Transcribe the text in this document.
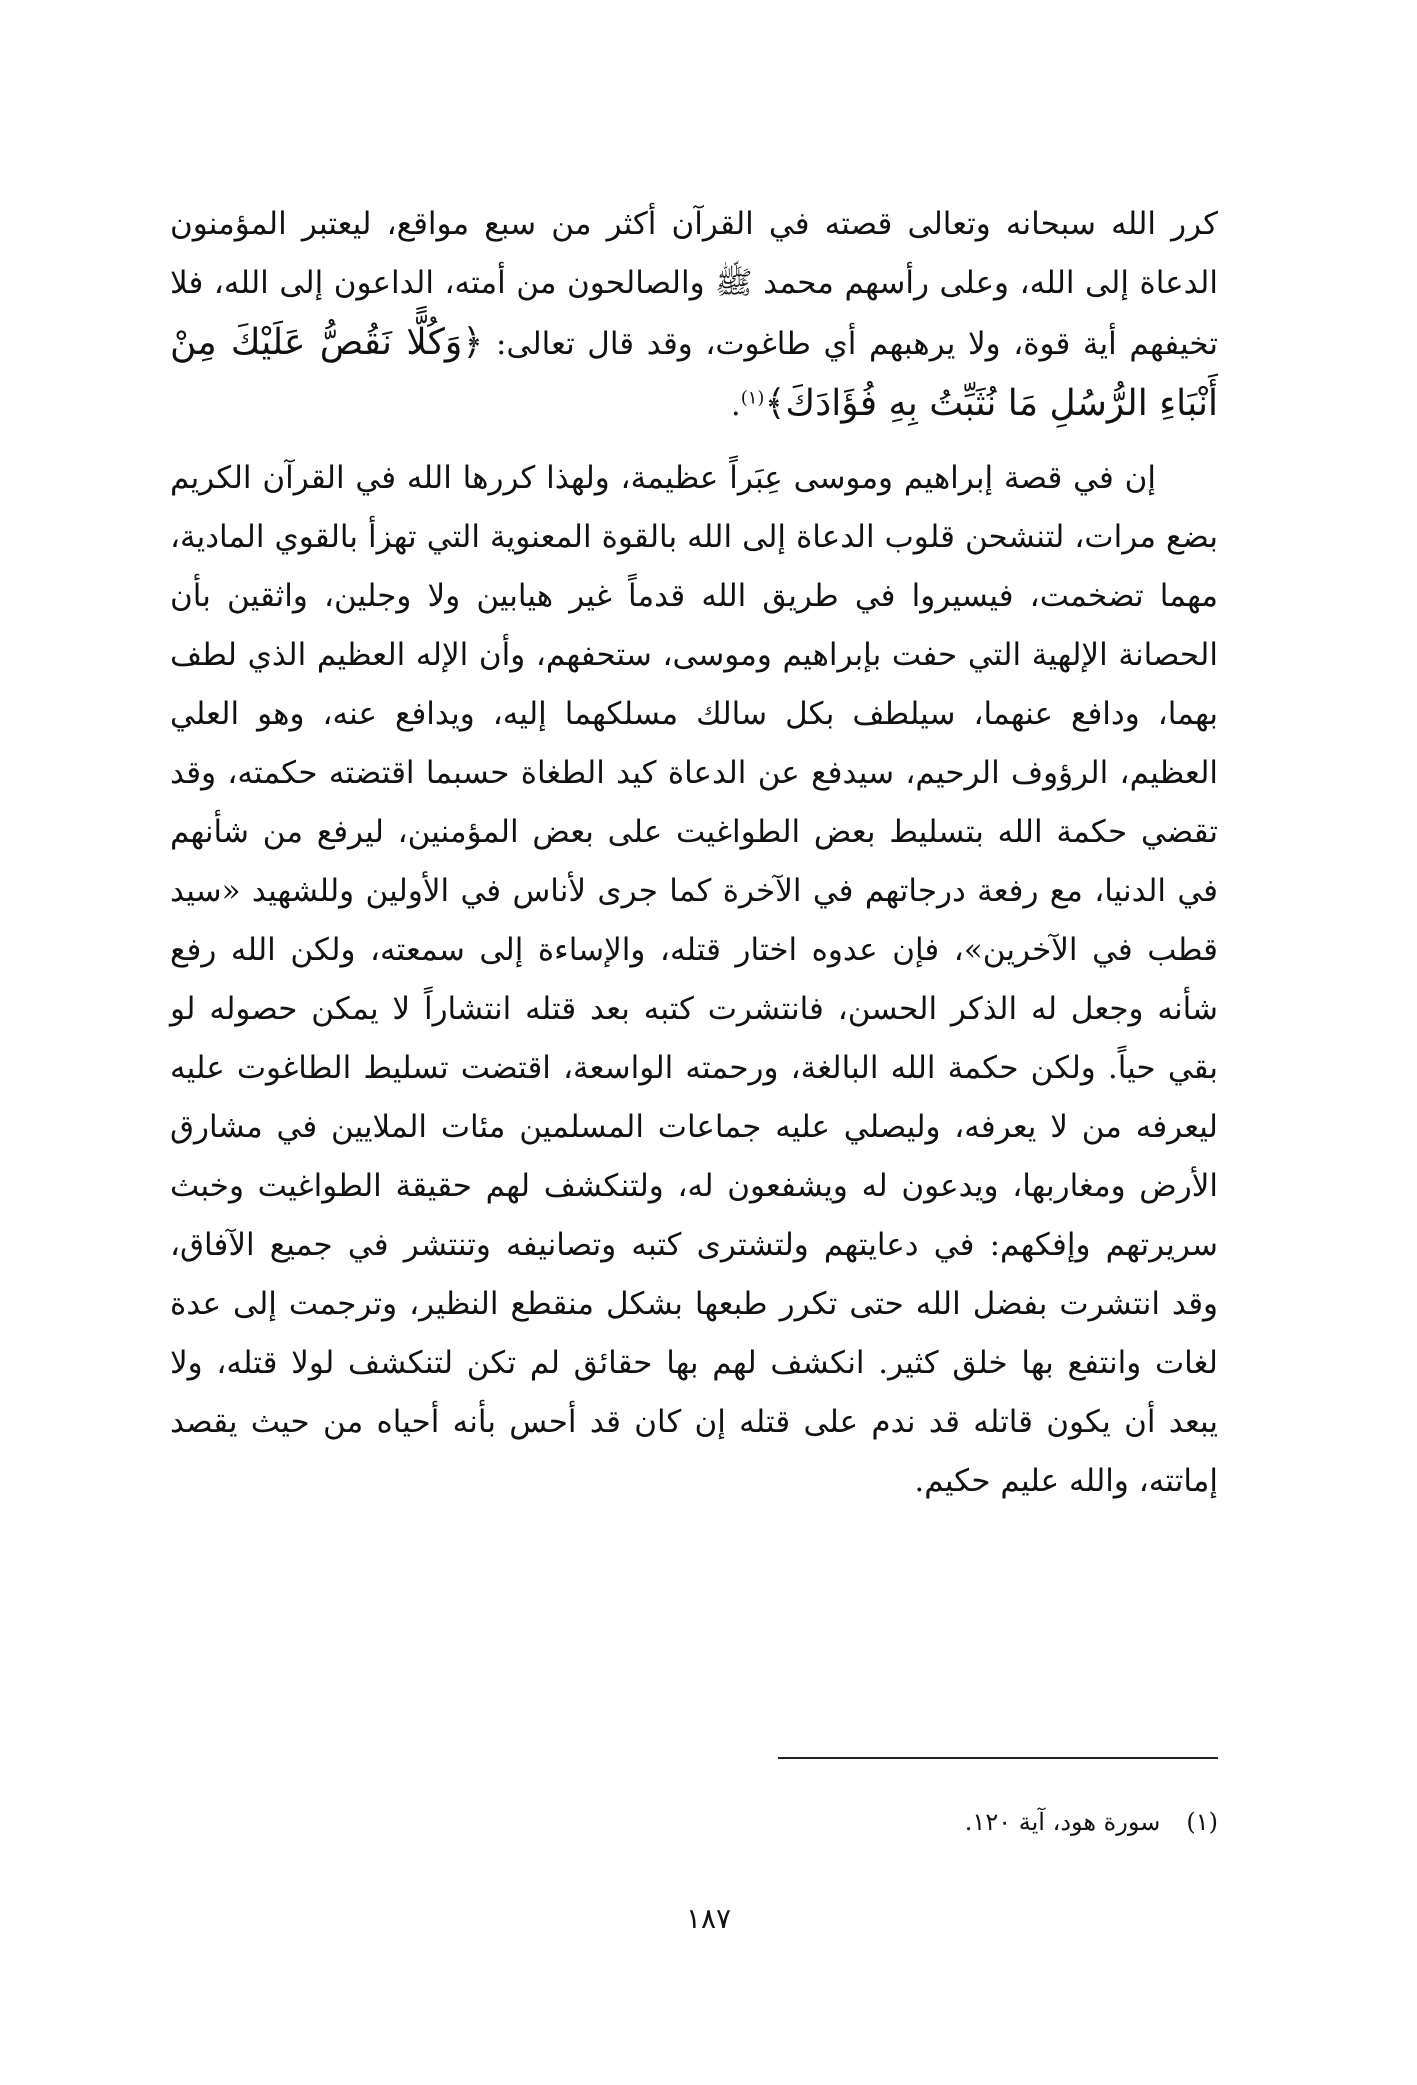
كرر الله سبحانه وتعالى قصته في القرآن أكثر من سبع مواقع، ليعتبر المؤمنون الدعاة إلى الله، وعلى رأسهم محمد ﷺ والصالحون من أمته، الداعون إلى الله، فلا تخيفهم أية قوة، ولا يرهبهم أي طاغوت، وقد قال تعالى: ﴿وَكُلًّا نَقُصُّ عَلَيْكَ مِنْ أَنْبَاءِ الرُّسُلِ مَا نُثَبِّتُ بِهِ فُؤَادَكَ﴾$^{(١)}$.

إن في قصة إبراهيم وموسى عِبَراً عظيمة، ولهذا كررها الله في القرآن الكريم بضع مرات، لتنشحن قلوب الدعاة إلى الله بالقوة المعنوية التي تهزأ بالقوي المادية، مهما تضخمت، فيسيروا في طريق الله قدماً غير هيابين ولا وجلين، واثقين بأن الحصانة الإلهية التي حفت بإبراهيم وموسى، ستحفهم، وأن الإله العظيم الذي لطف بهما، ودافع عنهما، سيلطف بكل سالك مسلكهما إليه، ويدافع عنه، وهو العلي العظيم، الرؤوف الرحيم، سيدفع عن الدعاة كيد الطغاة حسبما اقتضته حكمته، وقد تقضي حكمة الله بتسليط بعض الطواغيت على بعض المؤمنين، ليرفع من شأنهم في الدنيا، مع رفعة درجاتهم في الآخرة كما جرى لأناس في الأولين وللشهيد «سيد قطب في الآخرين»، فإن عدوه اختار قتله، والإساءة إلى سمعته، ولكن الله رفع شأنه وجعل له الذكر الحسن، فانتشرت كتبه بعد قتله انتشاراً لا يمكن حصوله لو بقي حياً. ولكن حكمة الله البالغة، ورحمته الواسعة، اقتضت تسليط الطاغوت عليه ليعرفه من لا يعرفه، وليصلي عليه جماعات المسلمين مئات الملايين في مشارق الأرض ومغاربها، ويدعون له ويشفعون له، ولتنكشف لهم حقيقة الطواغيت وخبث سريرتهم وإفكهم: في دعايتهم ولتشترى كتبه وتصانيفه وتنتشر في جميع الآفاق، وقد انتشرت بفضل الله حتى تكرر طبعها بشكل منقطع النظير، وترجمت إلى عدة لغات وانتفع بها خلق كثير. انكشف لهم بها حقائق لم تكن لتنكشف لولا قتله، ولا يبعد أن يكون قاتله قد ندم على قتله إن كان قد أحس بأنه أحياه من حيث يقصد إماتته، والله عليم حكيم.

(١)سورة هود، آية ١٢٠.
١٨٧
